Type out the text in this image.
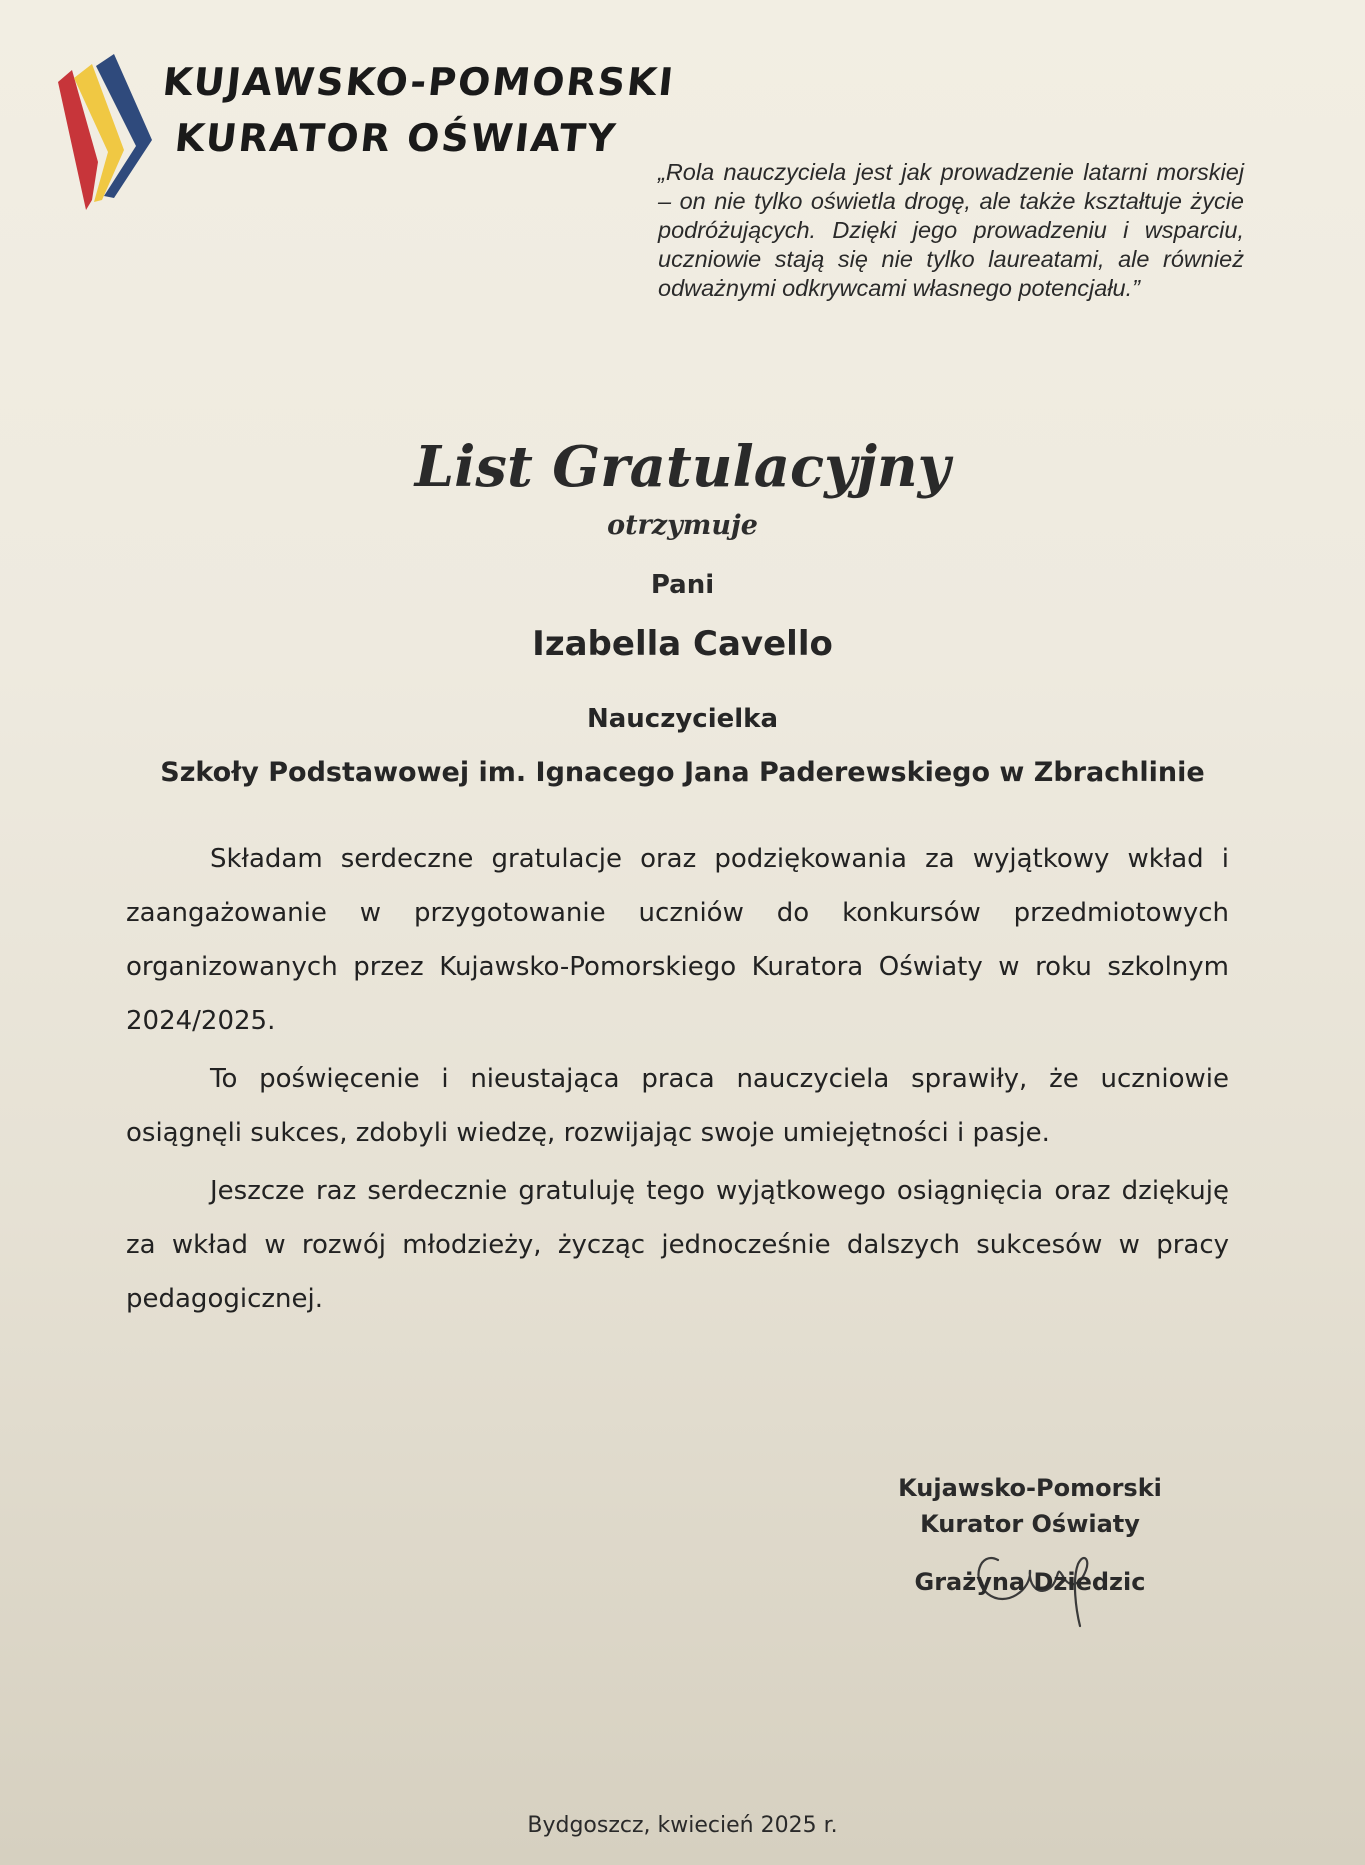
KUJAWSKO-POMORSKI
KURATOR OŚWIATY

„Rola nauczyciela jest jak prowadzenie latarni morskiej – on nie tylko oświetla drogę, ale także kształtuje życie podróżujących. Dzięki jego prowadzeniu i wsparciu, uczniowie stają się nie tylko laureatami, ale również odważnymi odkrywcami własnego potencjału.”

List Gratulacyjny
otrzymuje
Pani
Izabella Cavello
Nauczycielka
Szkoły Podstawowej im. Ignacego Jana Paderewskiego w Zbrachlinie

Składam serdeczne gratulacje oraz podziękowania za wyjątkowy wkład i zaangażowanie w przygotowanie uczniów do konkursów przedmiotowych organizowanych przez Kujawsko-Pomorskiego Kuratora Oświaty w roku szkolnym 2024/2025.

To poświęcenie i nieustająca praca nauczyciela sprawiły, że uczniowie osiągnęli sukces, zdobyli wiedzę, rozwijając swoje umiejętności i pasje.

Jeszcze raz serdecznie gratuluję tego wyjątkowego osiągnięcia oraz dziękuję za wkład w rozwój młodzieży, życząc jednocześnie dalszych sukcesów w pracy pedagogicznej.

Kujawsko-Pomorski
Kurator Oświaty
Grażyna Dziedzic
Bydgoszcz, kwiecień 2025 r.
